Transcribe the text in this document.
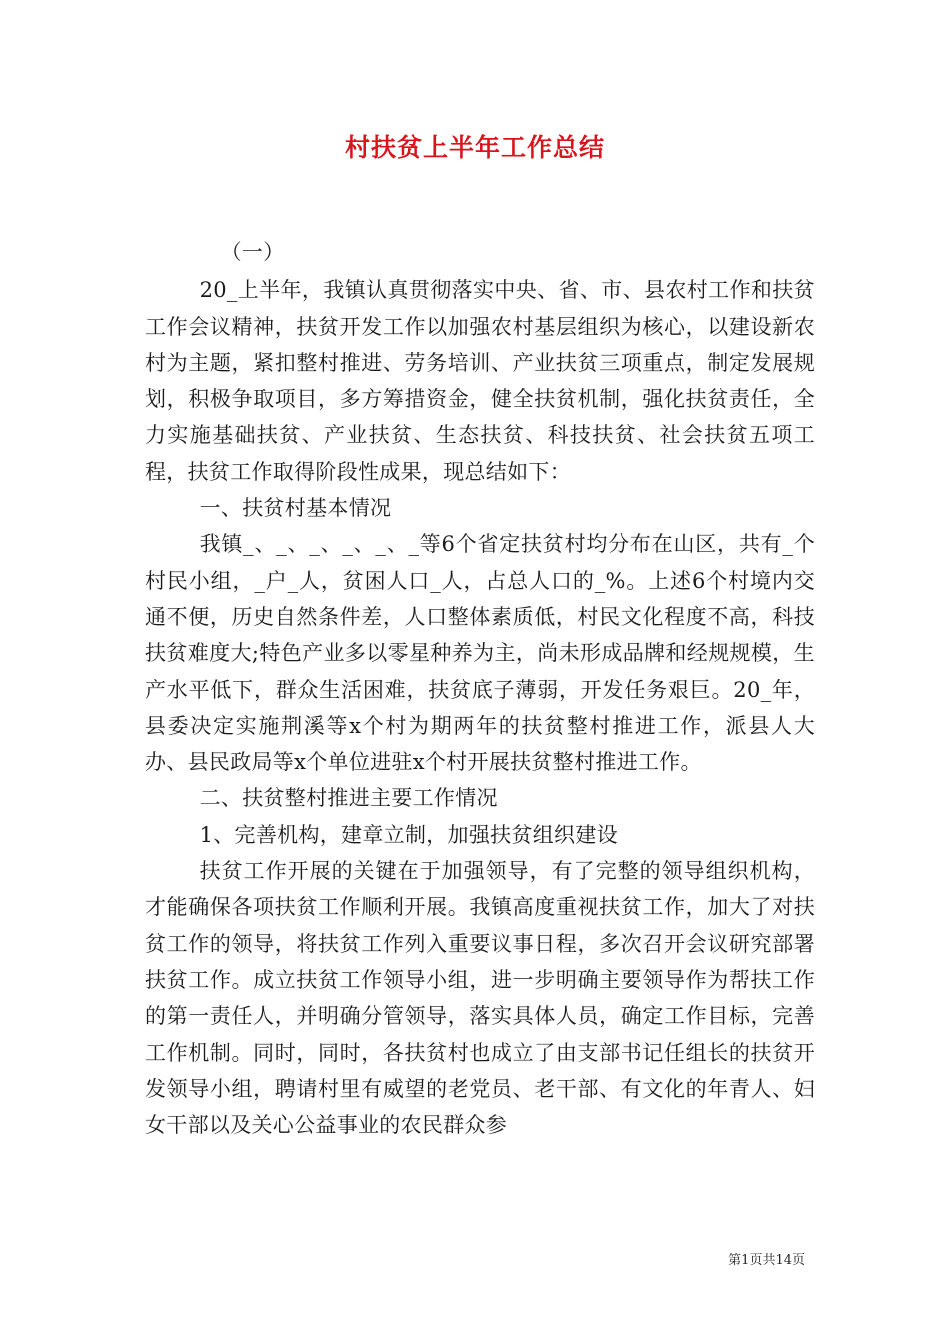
村扶贫上半年工作总结

（一）

20_上半年，我镇认真贯彻落实中央、省、市、县农村工作和扶贫工作会议精神，扶贫开发工作以加强农村基层组织为核心，以建设新农村为主题，紧扣整村推进、劳务培训、产业扶贫三项重点，制定发展规划，积极争取项目，多方筹措资金，健全扶贫机制，强化扶贫责任，全力实施基础扶贫、产业扶贫、生态扶贫、科技扶贫、社会扶贫五项工程，扶贫工作取得阶段性成果，现总结如下：

一、扶贫村基本情况

我镇_、_、_、_、_、_等6个省定扶贫村均分布在山区，共有_个村民小组，_户_人，贫困人口_人，占总人口的_%。上述6个村境内交通不便，历史自然条件差，人口整体素质低，村民文化程度不高，科技扶贫难度大;特色产业多以零星种养为主，尚未形成品牌和经规规模，生产水平低下，群众生活困难，扶贫底子薄弱，开发任务艰巨。20_年，县委决定实施荆溪等x个村为期两年的扶贫整村推进工作，派县人大办、县民政局等x个单位进驻x个村开展扶贫整村推进工作。

二、扶贫整村推进主要工作情况

1、完善机构，建章立制，加强扶贫组织建设

扶贫工作开展的关键在于加强领导，有了完整的领导组织机构，才能确保各项扶贫工作顺利开展。我镇高度重视扶贫工作，加大了对扶贫工作的领导，将扶贫工作列入重要议事日程，多次召开会议研究部署扶贫工作。成立扶贫工作领导小组，进一步明确主要领导作为帮扶工作的第一责任人，并明确分管领导，落实具体人员，确定工作目标，完善工作机制。同时，同时，各扶贫村也成立了由支部书记任组长的扶贫开发领导小组，聘请村里有威望的老党员、老干部、有文化的年青人、妇女干部以及关心公益事业的农民群众参

第1页共14页
